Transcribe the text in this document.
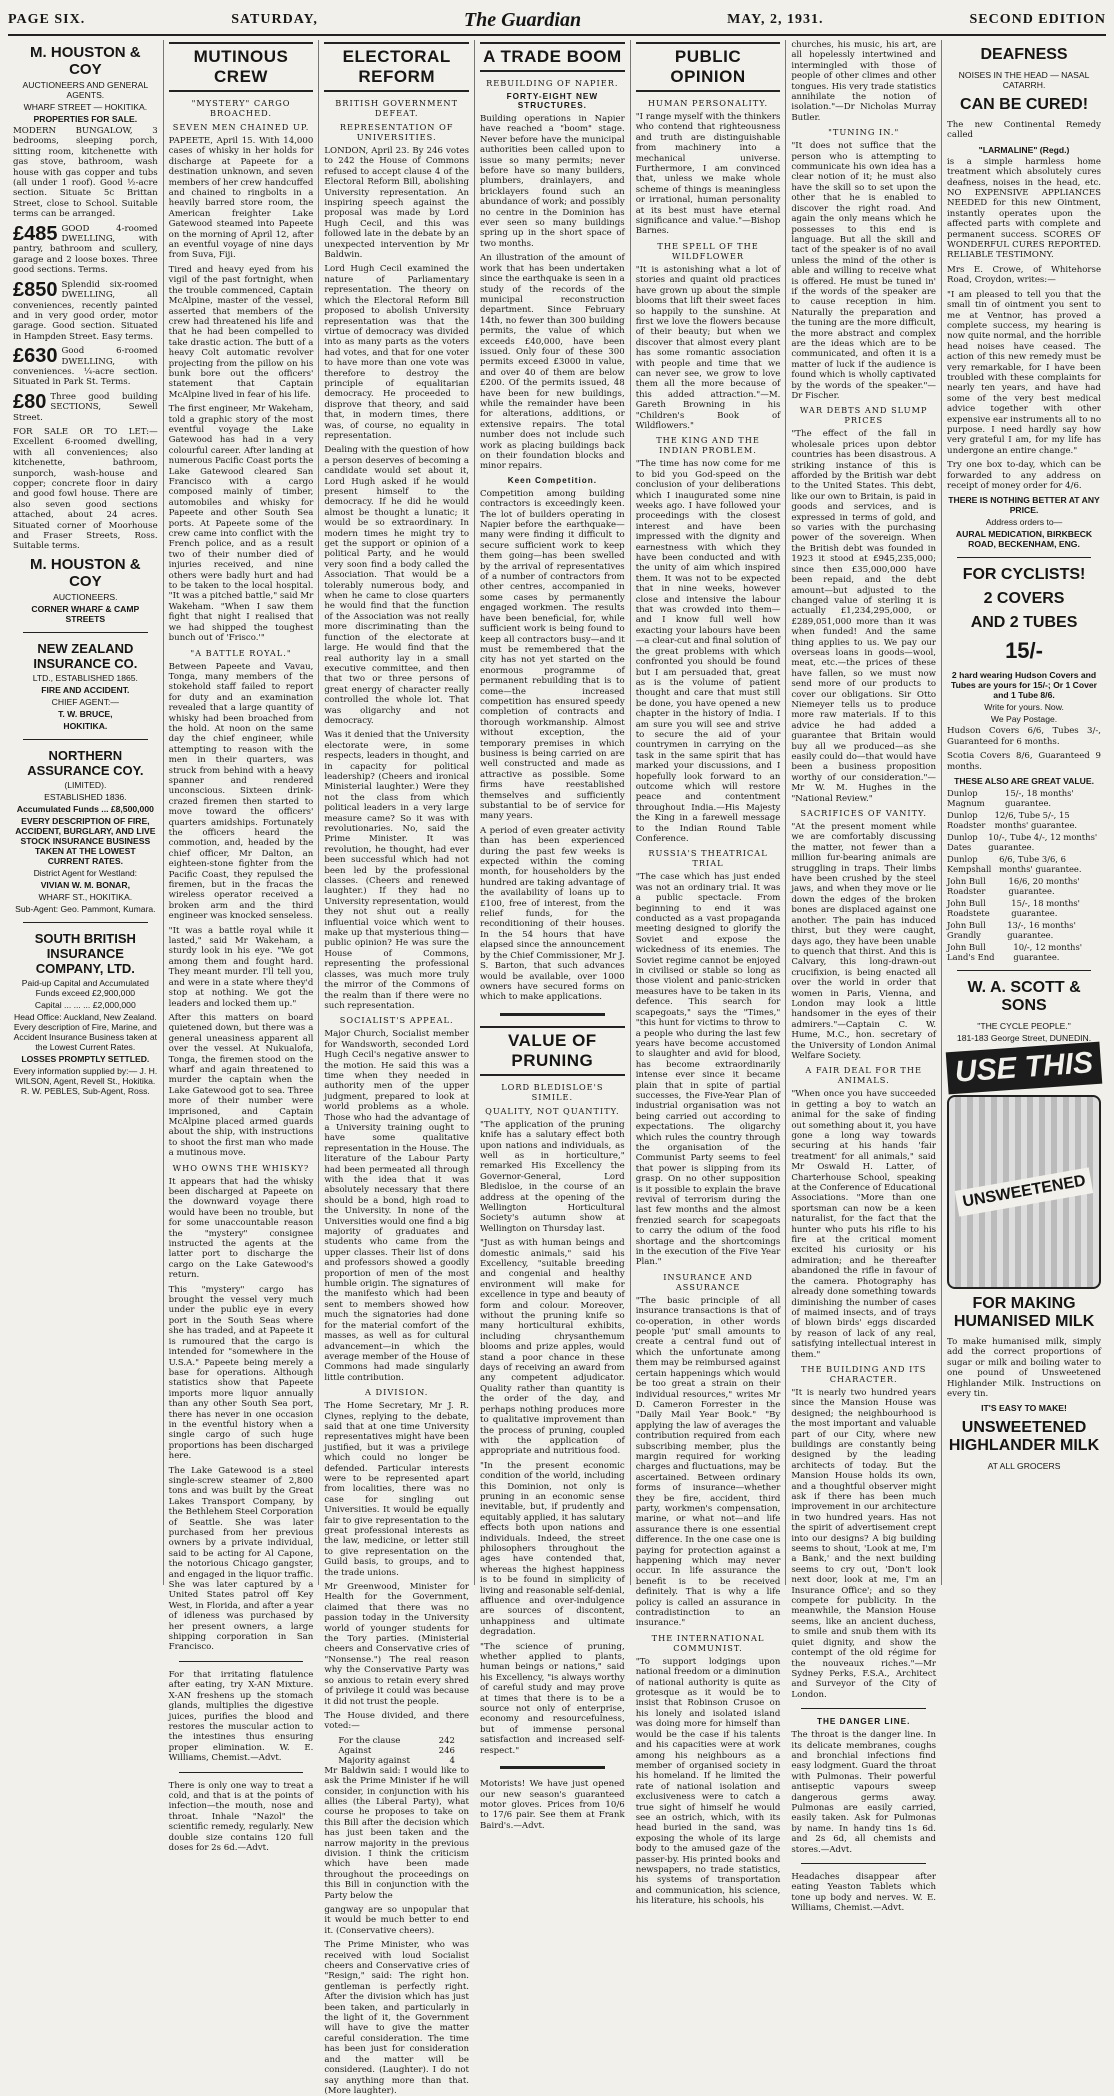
PAGE SIX.	SATURDAY,	The Guardian	MAY, 2, 1931.	SECOND EDITION
M. HOUSTON & COY
AUCTIONEERS AND GENERAL AGENTS.
WHARF STREET — HOKITIKA.
PROPERTIES FOR SALE.

MODERN BUNGALOW, 3 bedrooms, sleeping porch, sitting room, kitchenette with gas stove, bathroom, wash house with gas copper and tubs (all under 1 roof). Good ½-acre section. Situate 5c Brittan Street, close to School. Suitable terms can be arranged.

£485 GOOD 4-roomed DWELLING, with pantry, bathroom and scullery, garage and 2 loose boxes. Three good sections. Terms.

£850 Splendid six-roomed DWELLING, all conveniences, recently painted and in very good order, motor garage. Good section. Situated in Hampden Street. Easy terms.

£630 Good 6-roomed DWELLING, with conveniences. ¼-acre section. Situated in Park St. Terms.

£80 Three good building SECTIONS, Sewell Street.

FOR SALE OR TO LET:—Excellent 6-roomed dwelling, with all conveniences; also kitchenette, bathroom, sunporch, wash-house and copper; concrete floor in dairy and good fowl house. There are also seven good sections attached, about 24 acres. Situated corner of Moorhouse and Fraser Streets, Ross. Suitable terms.

M. HOUSTON & COY
AUCTIONEERS.
CORNER WHARF & CAMP STREETS
NEW ZEALAND INSURANCE CO.
LTD., ESTABLISHED 1865.
FIRE AND ACCIDENT.
CHIEF AGENT:—
T. W. BRUCE,
HOKITIKA.
NORTHERN ASSURANCE COY.
(LIMITED).
ESTABLISHED 1836.
Accumulated Funds ... £8,500,000
EVERY DESCRIPTION OF FIRE, ACCIDENT, BURGLARY, AND LIVE STOCK INSURANCE BUSINESS TAKEN AT THE LOWEST CURRENT RATES.
District Agent for Westland:
VIVIAN W. M. BONAR,
WHARF ST., HOKITIKA.
Sub-Agent: Geo. Pammont, Kumara.
SOUTH BRITISH INSURANCE COMPANY, LTD.
Paid-up Capital and Accumulated Funds exceed £2,900,000
Capital ... ... ... £2,000,000
Head Office: Auckland, New Zealand. Every description of Fire, Marine, and Accident Insurance Business taken at the Lowest Current Rates.
LOSSES PROMPTLY SETTLED.
Every information supplied by:— J. H. WILSON, Agent, Revell St., Hokitika. R. W. PEBLES, Sub-Agent, Ross.
MUTINOUS CREW
"MYSTERY" CARGO BROACHED.
SEVEN MEN CHAINED UP.

PAPEETE, April 15. With 14,000 cases of whisky in her holds for discharge at Papeete for a destination unknown, and seven members of her crew handcuffed and chained to ringbolts in a heavily barred store room, the American freighter Lake Gatewood steamed into Papeete on the morning of April 12, after an eventful voyage of nine days from Suva, Fiji.

Tired and heavy eyed from his vigil of the past fortnight, when the trouble commenced, Captain McAlpine, master of the vessel, asserted that members of the crew had threatened his life and that he had been compelled to take drastic action. The butt of a heavy Colt automatic revolver projecting from the pillow on his bunk bore out the officers' statement that Captain McAlpine lived in fear of his life.

The first engineer, Mr Wakeham, told a graphic story of the most eventful voyage the Lake Gatewood has had in a very colourful career. After landing at numerous Pacific Coast ports the Lake Gatewood cleared San Francisco with a cargo composed mainly of timber, automobiles and whisky for Papeete and other South Sea ports. At Papeete some of the crew came into conflict with the French police, and as a result two of their number died of injuries received, and nine others were badly hurt and had to be taken to the local hospital. "It was a pitched battle," said Mr Wakeham. "When I saw them fight that night I realised that we had shipped the toughest bunch out of 'Frisco.'"

"A BATTLE ROYAL."

Between Papeete and Vavau, Tonga, many members of the stokehold staff failed to report for duty and an examination revealed that a large quantity of whisky had been broached from the hold. At noon on the same day the chief engineer, while attempting to reason with the men in their quarters, was struck from behind with a heavy spanner and rendered unconscious. Sixteen drink-crazed firemen then started to move toward the officers' quarters amidships. Fortunately the officers heard the commotion, and, headed by the chief officer, Mr Dalton, an eighteen-stone fighter from the Pacific Coast, they repulsed the firemen, but in the fracas the wireless operator received a broken arm and the third engineer was knocked senseless.

"It was a battle royal while it lasted," said Mr Wakeham, a sturdy look in his eye. "We got among them and fought hard. They meant murder. I'll tell you, and were in a state where they'd stop at nothing. We got the leaders and locked them up."

After this matters on board quietened down, but there was a general uneasiness apparent all over the vessel. At Nukualofa, Tonga, the firemen stood on the wharf and again threatened to murder the captain when the Lake Gatewood got to sea. Three more of their number were imprisoned, and Captain McAlpine placed armed guards about the ship, with instructions to shoot the first man who made a mutinous move.

WHO OWNS THE WHISKY?

It appears that had the whisky been discharged at Papeete on the downward voyage there would have been no trouble, but for some unaccountable reason the "mystery" consignee instructed the agents at the latter port to discharge the cargo on the Lake Gatewood's return.

This "mystery" cargo has brought the vessel very much under the public eye in every port in the South Seas where she has traded, and at Papeete it is rumoured that the cargo is intended for "somewhere in the U.S.A." Papeete being merely a base for operations. Although statistics show that Papeete imports more liquor annually than any other South Sea port, there has never in one occasion in the eventful history when a single cargo of such huge proportions has been discharged here.

The Lake Gatewood is a steel single-screw steamer of 2,800 tons and was built by the Great Lakes Transport Company, by the Bethlehem Steel Corporation of Seattle. She was later purchased from her previous owners by a private individual, said to be acting for Al Capone, the notorious Chicago gangster, and engaged in the liquor traffic. She was later captured by a United States patrol off Key West, in Florida, and after a year of idleness was purchased by her present owners, a large shipping corporation in San Francisco.

For that irritating flatulence after eating, try X-AN Mixture. X-AN freshens up the stomach glands, multiplies the digestive juices, purifies the blood and restores the muscular action to the intestines thus ensuring proper elimination. W. E. Williams, Chemist.—Advt.

There is only one way to treat a cold, and that is at the points of infection—the mouth, nose and throat. Inhale "Nazol" the scientific remedy, regularly. New double size contains 120 full doses for 2s 6d.—Advt.

ELECTORAL REFORM
BRITISH GOVERNMENT DEFEAT.
REPRESENTATION OF UNIVERSITIES.

LONDON, April 23. By 246 votes to 242 the House of Commons refused to accept clause 4 of the Electoral Reform Bill, abolishing University representation. An inspiring speech against the proposal was made by Lord Hugh Cecil, and this was followed late in the debate by an unexpected intervention by Mr Baldwin.

Lord Hugh Cecil examined the nature of Parliamentary representation. The theory on which the Electoral Reform Bill proposed to abolish University representation was that the virtue of democracy was divided into as many parts as the voters had votes, and that for one voter to have more than one vote was therefore to destroy the principle of equalitarian democracy. He proceeded to disprove that theory, and said that, in modern times, there was, of course, no equality in representation.

Dealing with the question of how a person deserves of becoming a candidate would set about it, Lord Hugh asked if he would present himself to the democracy. If he did he would almost be thought a lunatic; it would be so extraordinary. In modern times he might try to get the support or opinion of a political Party, and he would very soon find a body called the Association. That would be a tolerably numerous body, and when he came to close quarters he would find that the function of the Association was not really more discriminating than the function of the electorate at large. He would find that the real authority lay in a small executive committee, and then that two or three persons of great energy of character really controlled the whole lot. That was oligarchy and not democracy.

Was it denied that the University electorate were, in some respects, leaders in thought, and in capacity for political leadership? (Cheers and ironical Ministerial laughter.) Were they not the class from which political leaders in a very large measure came? So it was with revolutionaries. No, said the Prime Minister. It was revolution, he thought, had ever been successful which had not been led by the professional classes. (Cheers and renewed laughter.) If they had no University representation, would they not shut out a really influential voice which went to make up that mysterious thing—public opinion? He was sure the House of Commons, representing the professional classes, was much more truly the mirror of the Commons of the realm than if there were no such representation.

SOCIALIST'S APPEAL.

Major Church, Socialist member for Wandsworth, seconded Lord Hugh Cecil's negative answer to the motion. He said this was a time when they needed in authority men of the upper judgment, prepared to look at world problems as a whole. Those who had the advantage of a University training ought to have some qualitative representation in the House. The literature of the Labour Party had been permeated all through with the idea that it was absolutely necessary that there should be a bond, high road to the University. In none of the Universities would one find a big majority of graduates and students who came from the upper classes. Their list of dons and professors showed a goodly proportion of men of the most humble origin. The signatures of the manifesto which had been sent to members showed how much the signatories had done for the material comfort of the masses, as well as for cultural advancement—in which the average member of the House of Commons had made singularly little contribution.

A DIVISION.

The Home Secretary, Mr J. R. Clynes, replying to the debate, said that at one time University representatives might have been justified, but it was a privilege which could no longer be defended. Particular interests were to be represented apart from localities, there was no case for singling out Universities. It would be equally fair to give representation to the great professional interests as the law, medicine, or letter still to give representation on the Guild basis, to groups, and to the trade unions.

Mr Greenwood, Minister for Health for the Government, claimed that there was no passion today in the University world of younger students for the Tory parties. (Ministerial cheers and Conservative cries of "Nonsense.") The real reason why the Conservative Party was so anxious to retain every shred of privilege it could was because it did not trust the people.

The House divided, and there voted:—

For the clause	242
Against	246
Majority against	4

Mr Baldwin said: I would like to ask the Prime Minister if he will consider, in conjunction with his allies (the Liberal Party), what course he proposes to take on this Bill after the decision which has just been taken and the narrow majority in the previous division. I think the criticism which have been made throughout the proceedings on this Bill in conjunction with the Party below the

gangway are so unpopular that it would be much better to end it. (Conservative cheers).

The Prime Minister, who was received with loud Socialist cheers and Conservative cries of "Resign," said: The right hon. gentleman is perfectly right. After the division which has just been taken, and particularly in the light of it, the Government will have to give the matter careful consideration. The time has been just for consideration and the matter will be considered. (Laughter). I do not say anything more than that. (More laughter).

A TRADE BOOM
REBUILDING OF NAPIER.
FORTY-EIGHT NEW STRUCTURES.

Building operations in Napier have reached a "boom" stage. Never before have the municipal authorities been called upon to issue so many permits; never before have so many builders, plumbers, drainlayers, and bricklayers found such an abundance of work; and possibly no centre in the Dominion has ever seen so many buildings spring up in the short space of two months.

An illustration of the amount of work that has been undertaken since the earthquake is seen in a study of the records of the municipal reconstruction department. Since February 14th, no fewer than 300 building permits, the value of which exceeds £40,000, have been issued. Only four of these 300 permits exceed £3000 in value, and over 40 of them are below £200. Of the permits issued, 48 have been for new buildings, while the remainder have been for alterations, additions, or extensive repairs. The total number does not include such work as placing buildings back on their foundation blocks and minor repairs.

Keen Competition.

Competition among building contractors is exceedingly keen. The lot of builders operating in Napier before the earthquake—many were finding it difficult to secure sufficient work to keep them going—has been swelled by the arrival of representatives of a number of contractors from other centres, accompanied in some cases by permanently engaged workmen. The results have been beneficial, for, while sufficient work is being found to keep all contractors busy—and it must be remembered that the city has not yet started on the enormous programme of permanent rebuilding that is to come—the increased competition has ensured speedy completion of contracts and thorough workmanship. Almost without exception, the temporary premises in which business is being carried on are well constructed and made as attractive as possible. Some firms have reestablished themselves and sufficiently substantial to be of service for many years.

A period of even greater activity than has been experienced during the past few weeks is expected within the coming month, for householders by the hundred are taking advantage of the availability of loans up to £100, free of interest, from the relief funds, for the reconditioning of their houses. In the 54 hours that have elapsed since the announcement by the Chief Commissioner, Mr J. S. Barton, that such advances would be available, over 1000 owners have secured forms on which to make applications.

VALUE OF PRUNING
LORD BLEDISLOE'S SIMILE.
QUALITY, NOT QUANTITY.

"The application of the pruning knife has a salutary effect both upon nations and individuals, as well as in horticulture," remarked His Excellency the Governor-General, Lord Bledisloe, in the course of an address at the opening of the Wellington Horticultural Society's autumn show at Wellington on Thursday last.

"Just as with human beings and domestic animals," said his Excellency, "suitable breeding and congenial and healthy environment will make for excellence in type and beauty of form and colour. Moreover, without the pruning knife so many horticultural exhibits, including chrysanthemum blooms and prize apples, would stand a poor chance in these days of receiving an award from any competent adjudicator. Quality rather than quantity is the order of the day, and perhaps nothing produces more to qualitative improvement than the process of pruning, coupled with the application of appropriate and nutritious food.

"In the present economic condition of the world, including this Dominion, not only is pruning in an economic sense inevitable, but, if prudently and equitably applied, it has salutary effects both upon nations and individuals. Indeed, the street philosophers throughout the ages have contended that, whereas the highest happiness is to be found in simplicity of living and reasonable self-denial, affluence and over-indulgence are sources of discontent, unhappiness and ultimate degradation.

"The science of pruning, whether applied to plants, human beings or nations," said his Excellency, "is always worthy of careful study and may prove at times that there is to be a source not only of enterprise, economy and resourcefulness, but of immense personal satisfaction and increased self-respect."

Motorists! We have just opened our new season's guaranteed motor gloves. Prices from 10/6 to 17/6 pair. See them at Frank Baird's.—Advt.

PUBLIC OPINION
HUMAN PERSONALITY.

"I range myself with the thinkers who contend that righteousness and truth are distinguishable from machinery into a mechanical universe. Furthermore, I am convinced that, unless we make whole scheme of things is meaningless or irrational, human personality at its best must have eternal significance and value."—Bishop Barnes.

THE SPELL OF THE WILDFLOWER

"It is astonishing what a lot of stories and quaint old practices have grown up about the simple blooms that lift their sweet faces so happily to the sunshine. At first we love the flowers because of their beauty; but when we discover that almost every plant has some romantic association with people and time that we can never see, we grow to love them all the more because of this added attraction."—M. Gareth Browning in his "Children's Book of Wildflowers."

THE KING AND THE INDIAN PROBLEM.

"The time has now come for me to bid you God-speed on the conclusion of your deliberations which I inaugurated some nine weeks ago. I have followed your proceedings with the closest interest and have been impressed with the dignity and earnestness with which they have been conducted and with the unity of aim which inspired them. It was not to be expected that in nine weeks, however close and intensive the labour that was crowded into them—and I know full well how exacting your labours have been—a clear-cut and final solution of the great problems with which confronted you should be found but I am persuaded that, great as is the volume of patient thought and care that must still be done, you have opened a new chapter in the history of India. I am sure you will see and strive to secure the aid of your countrymen in carrying on the task in the same spirit that has marked your discussions, and I hopefully look forward to an outcome which will restore peace and contentment throughout India.—His Majesty the King in a farewell message to the Indian Round Table Conference.

RUSSIA'S THEATRICAL TRIAL

"The case which has just ended was not an ordinary trial. It was a public spectacle. From beginning to end it was conducted as a vast propaganda meeting designed to glorify the Soviet and expose the wickedness of its enemies. The Soviet regime cannot be enjoyed in civilised or stable so long as those violent and panic-stricken measures have to be taken in its defence. This search for scapegoats," says the "Times," "this hunt for victims to throw to a people who during the last few years have become accustomed to slaughter and avid for blood, has become extraordinarily intense ever since it became plain that in spite of partial successes, the Five-Year Plan of industrial organisation was not being carried out according to expectations. The oligarchy which rules the country through the organisation of the Communist Party seems to feel that power is slipping from its grasp. On no other supposition is it possible to explain the brave revival of terrorism during the last few months and the almost frenzied search for scapegoats to carry the odium of the food shortage and the shortcomings in the execution of the Five Year Plan."

INSURANCE AND ASSURANCE

"The basic principle of all insurance transactions is that of co-operation, in other words people 'put' small amounts to create a central fund out of which the unfortunate among them may be reimbursed against certain happenings which would be too great a strain on their individual resources," writes Mr D. Cameron Forrester in the "Daily Mail Year Book." "By applying the law of averages the contribution required from each subscribing member, plus the margin required for working charges and fluctuations, may be ascertained. Between ordinary forms of insurance—whether they be fire, accident, third party, workmen's compensation, marine, or what not—and life assurance there is one essential difference. In the one case one is paying for protection against a happening which may never occur. In life assurance the benefit is to be received definitely. That is why a life policy is called an assurance in contradistinction to an insurance."

THE INTERNATIONAL COMMUNIST.

"To support lodgings upon national freedom or a diminution of national authority is quite as grotesque as it would be to insist that Robinson Crusoe on his lonely and isolated island was doing more for himself than would be the case if his talents and his capacities were at work among his neighbours as a member of organised society in his homeland. If he limited the rate of national isolation and exclusiveness were to catch a true sight of himself he would see an ostrich, which, with its head buried in the sand, was exposing the whole of its large body to the amused gaze of the passer-by. His printed books and newspapers, no trade statistics, his systems of transportation and communication, his science, his literature, his schools, his

churches, his music, his art, are all hopelessly intertwined and intermingled with those of people of other climes and other tongues. His very trade statistics annihilate the notion of isolation."—Dr Nicholas Murray Butler.

"TUNING IN."

"It does not suffice that the person who is attempting to communicate his own idea has a clear notion of it; he must also have the skill so to set upon the other that he is enabled to discover the right road. And again the only means which he possesses to this end is language. But all the skill and tact of the speaker is of no avail unless the mind of the other is able and willing to receive what is offered. He must be tuned in' if the words of the speaker are to cause reception in him. Naturally the preparation and the tuning are the more difficult, the more abstract and complex are the ideas which are to be communicated, and often it is a matter of luck if the audience is found which is wholly captivated by the words of the speaker."—Dr Fischer.

WAR DEBTS AND SLUMP PRICES

"The effect of the fall in wholesale prices upon debtor countries has been disastrous. A striking instance of this is afforded by the British war debt to the United States. This debt, like our own to Britain, is paid in goods and services, and is expressed in terms of gold, and so varies with the purchasing power of the sovereign. When the British debt was founded in 1923 it stood at £945,235,000; since then £35,000,000 have been repaid, and the debt amount—but adjusted to the changed value of sterling it is actually £1,234,295,000, or £289,051,000 more than it was when funded! And the same thing applies to us. We pay our overseas loans in goods—wool, meat, etc.—the prices of these have fallen, so we must now send more of our products to cover our obligations. Sir Otto Niemeyer tells us to produce more raw materials. If to this advice he had added a guarantee that Britain would buy all we produced—as she easily could do—that would have been a business proposition worthy of our consideration."—Mr W. M. Hughes in the "National Review."

SACRIFICES OF VANITY.

"At the present moment while we are comfortably discussing the matter, not fewer than a million fur-bearing animals are struggling in traps. Their limbs have been crushed by the steel jaws, and when they move or lie down the edges of the broken bones are displaced against one another. The pain has induced thirst, but they were caught, days ago, they have been unable to quench that thirst. And this is Calvary, this long-drawn-out crucifixion, is being enacted all over the world in order that women in Paris, Vienna, and London may look a little handsomer in the eyes of their admirers."—Captain C. W. Hume, M.C., hon. secretary of the University of London Animal Welfare Society.

A FAIR DEAL FOR THE ANIMALS.

"When once you have succeeded in getting a boy to watch an animal for the sake of finding out something about it, you have gone a long way towards securing at his hands 'fair treatment' for all animals," said Mr Oswald H. Latter, of Charterhouse School, speaking at the Conference of Educational Associations. "More than one sportsman can now be a keen naturalist, for the fact that the hunter who puts his rifle to his fire at the critical moment excited his curiosity or his admiration; and he thereafter abandoned the rifle in favour of the camera. Photography has already done something towards diminishing the number of cases of maimed insects, and of trays of blown birds' eggs discarded by reason of lack of any real, satisfying intellectual interest in them."

THE BUILDING AND ITS CHARACTER.

"It is nearly two hundred years since the Mansion House was designed; the neighbourhood is the most important and valuable part of our City, where new buildings are constantly being designed by the leading architects of today. But the Mansion House holds its own, and a thoughtful observer might ask if there has been much improvement in our architecture in two hundred years. Has not the spirit of advertisement crept into our designs? A big building seems to shout, 'Look at me, I'm a Bank,' and the next building seems to cry out, 'Don't look next door, look at me, I'm an Insurance Office'; and so they compete for publicity. In the meanwhile, the Mansion House seems, like an ancient duchess, to smile and snub them with its quiet dignity, and show the contempt of the old régime for the nouveaux riches."—Mr Sydney Perks, F.S.A., Architect and Surveyor of the City of London.

THE DANGER LINE.

The throat is the danger line. In its delicate membranes, coughs and bronchial infections find easy lodgment. Guard the throat with Pulmonas. Their powerful antiseptic vapours sweep dangerous germs away. Pulmonas are easily carried, easily taken. Ask for Pulmonas by name. In handy tins 1s 6d. and 2s 6d, all chemists and stores.—Advt.

Headaches disappear after eating Yeaston Tablets which tone up body and nerves. W. E. Williams, Chemist.—Advt.

DEAFNESS
NOISES IN THE HEAD — NASAL CATARRH.
CAN BE CURED!

The new Continental Remedy called

"LARMALINE" (Regd.)

is a simple harmless home treatment which absolutely cures deafness, noises in the head, etc. NO EXPENSIVE APPLIANCES NEEDED for this new Ointment, instantly operates upon the affected parts with complete and permanent success. SCORES OF WONDERFUL CURES REPORTED. RELIABLE TESTIMONY.

Mrs E. Crowe, of Whitehorse Road, Croydon, writes:—

"I am pleased to tell you that the small tin of ointment you sent to me at Ventnor, has proved a complete success, my hearing is now quite normal, and the horrible head noises have ceased. The action of this new remedy must be very remarkable, for I have been troubled with these complaints for nearly ten years, and have had some of the very best medical advice together with other expensive ear instruments all to no purpose. I need hardly say how very grateful I am, for my life has undergone an entire change."

Try one box to-day, which can be forwarded to any address on receipt of money order for 4/6.

THERE IS NOTHING BETTER AT ANY PRICE.
Address orders to—
AURAL MEDICATION, BIRKBECK ROAD, BECKENHAM, ENG.
FOR CYCLISTS!
2 COVERS
AND 2 TUBES
15/-
2 hard wearing Hudson Covers and Tubes are yours for 15/-; Or 1 Cover and 1 Tube 8/6.
Write for yours. Now.
We Pay Postage.

Hudson Covers 6/6, Tubes 3/-, Guaranteed for 6 months.

Scotia Covers 8/6, Guaranteed 9 months.

THESE ALSO ARE GREAT VALUE.
Dunlop Magnum
15/-, 18 months' guarantee.
Dunlop Roadster
12/6, Tube 5/-, 15 months' guarantee.
Dunlop Dates
10/-, Tube 4/-, 12 months' guarantee.
Dunlop Kempshall
6/6, Tube 3/6, 6 months' guarantee.
John Bull Roadster
16/6, 20 months' guarantee.
John Bull Roadstete
15/-, 18 months' guarantee.
John Bull Grandly
13/-, 16 months' guarantee.
John Bull Land's End
10/-, 12 months' guarantee.
W. A. SCOTT & SONS
"THE CYCLE PEOPLE."
181-183 George Street, DUNEDIN.
USE THIS
UNSWEETENED
FOR MAKING HUMANISED MILK

To make humanised milk, simply add the correct proportions of sugar or milk and boiling water to one pound of Unsweetened Highlander Milk. Instructions on every tin.

IT'S EASY TO MAKE!
UNSWEETENED HIGHLANDER MILK
AT ALL GROCERS
